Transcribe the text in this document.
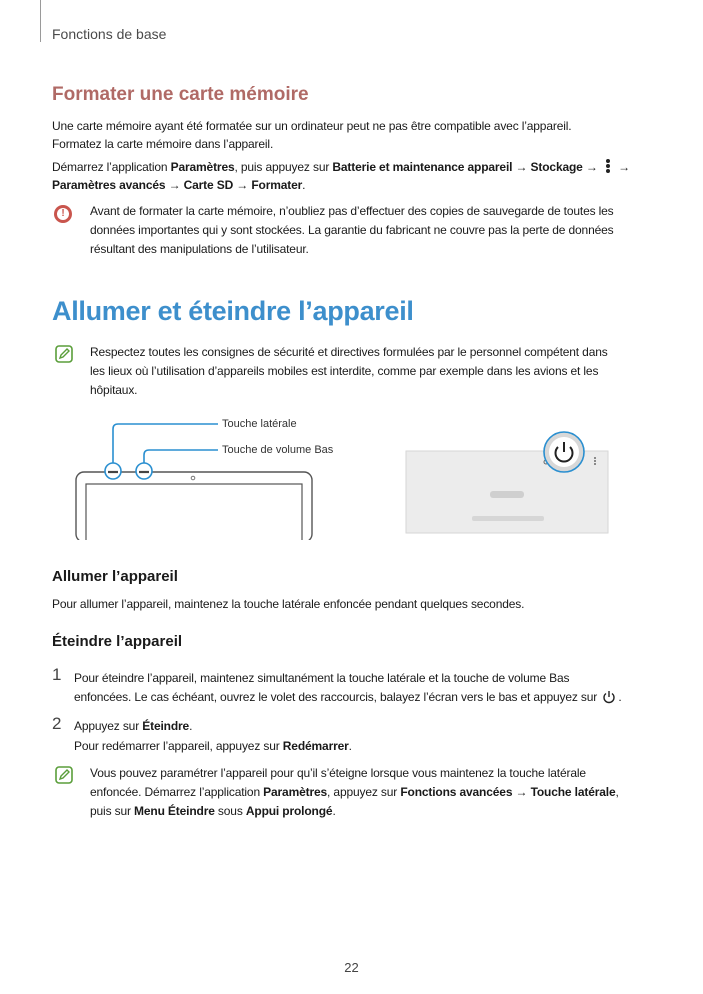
Fonctions de base
Formater une carte mémoire
Une carte mémoire ayant été formatée sur un ordinateur peut ne pas être compatible avec l’appareil.
Formatez la carte mémoire dans l’appareil.
Démarrez l’application Paramètres, puis appuyez sur Batterie et maintenance appareil → Stockage → →
Paramètres avancés → Carte SD → Formater.
!
Avant de formater la carte mémoire, n’oubliez pas d’effectuer des copies de sauvegarde de toutes les
données importantes qui y sont stockées. La garantie du fabricant ne couvre pas la perte de données
résultant des manipulations de l’utilisateur.
Allumer et éteindre l’appareil
Respectez toutes les consignes de sécurité et directives formulées par le personnel compétent dans
les lieux où l’utilisation d’appareils mobiles est interdite, comme par exemple dans les avions et les
hôpitaux.
Touche latérale
Touche de volume Bas
Allumer l’appareil
Pour allumer l’appareil, maintenez la touche latérale enfoncée pendant quelques secondes.
Éteindre l’appareil
1 Pour éteindre l’appareil, maintenez simultanément la touche latérale et la touche de volume Bas
enfoncées. Le cas échéant, ouvrez le volet des raccourcis, balayez l’écran vers le bas et appuyez sur .
2 Appuyez sur Éteindre.
Pour redémarrer l’appareil, appuyez sur Redémarrer.
Vous pouvez paramétrer l’appareil pour qu’il s’éteigne lorsque vous maintenez la touche latérale
enfoncée. Démarrez l’application Paramètres, appuyez sur Fonctions avancées → Touche latérale,
puis sur Menu Éteindre sous Appui prolongé.
22
